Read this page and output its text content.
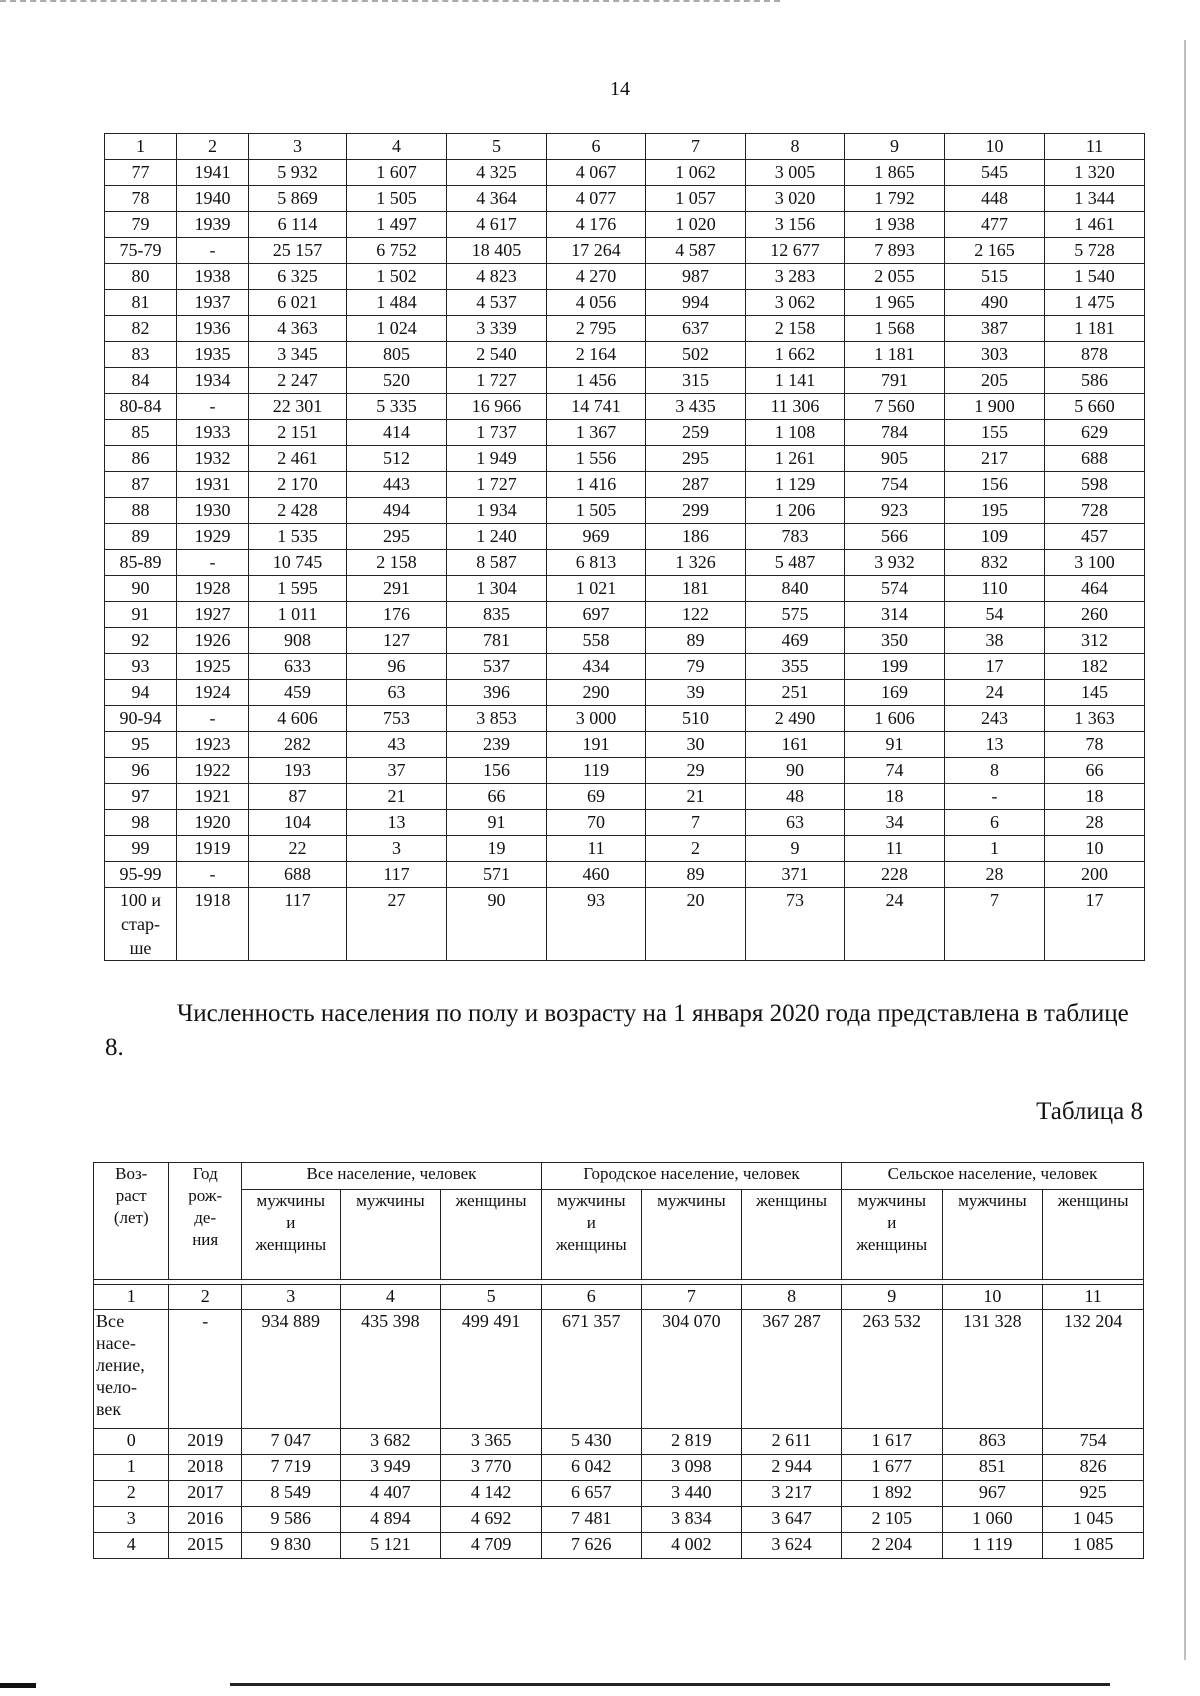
14
1	2	3	4	5	6	7	8	9	10	11
77	1941	5 932	1 607	4 325	4 067	1 062	3 005	1 865	545	1 320
78	1940	5 869	1 505	4 364	4 077	1 057	3 020	1 792	448	1 344
79	1939	6 114	1 497	4 617	4 176	1 020	3 156	1 938	477	1 461
75-79	-	25 157	6 752	18 405	17 264	4 587	12 677	7 893	2 165	5 728
80	1938	6 325	1 502	4 823	4 270	987	3 283	2 055	515	1 540
81	1937	6 021	1 484	4 537	4 056	994	3 062	1 965	490	1 475
82	1936	4 363	1 024	3 339	2 795	637	2 158	1 568	387	1 181
83	1935	3 345	805	2 540	2 164	502	1 662	1 181	303	878
84	1934	2 247	520	1 727	1 456	315	1 141	791	205	586
80-84	-	22 301	5 335	16 966	14 741	3 435	11 306	7 560	1 900	5 660
85	1933	2 151	414	1 737	1 367	259	1 108	784	155	629
86	1932	2 461	512	1 949	1 556	295	1 261	905	217	688
87	1931	2 170	443	1 727	1 416	287	1 129	754	156	598
88	1930	2 428	494	1 934	1 505	299	1 206	923	195	728
89	1929	1 535	295	1 240	969	186	783	566	109	457
85-89	-	10 745	2 158	8 587	6 813	1 326	5 487	3 932	832	3 100
90	1928	1 595	291	1 304	1 021	181	840	574	110	464
91	1927	1 011	176	835	697	122	575	314	54	260
92	1926	908	127	781	558	89	469	350	38	312
93	1925	633	96	537	434	79	355	199	17	182
94	1924	459	63	396	290	39	251	169	24	145
90-94	-	4 606	753	3 853	3 000	510	2 490	1 606	243	1 363
95	1923	282	43	239	191	30	161	91	13	78
96	1922	193	37	156	119	29	90	74	8	66
97	1921	87	21	66	69	21	48	18	-	18
98	1920	104	13	91	70	7	63	34	6	28
99	1919	22	3	19	11	2	9	11	1	10
95-99	-	688	117	571	460	89	371	228	28	200
100 и
стар-
ше	1918	117	27	90	93	20	73	24	7	17
Численность населения по полу и возрасту на 1 января 2020 года представлена в таблице 8.
Таблица 8
Воз-
раст
(лет)	Год
рож-
де-
ния	Все население, человек			Городское население, человек			Сельское население, человек		
		мужчины
и
женщины	мужчины	женщины	мужчины
и
женщины	мужчины	женщины	мужчины
и
женщины	мужчины	женщины

1	2	3	4	5	6	7	8	9	10	11
Все
насе-
ление,
чело-
век	-	934 889	435 398	499 491	671 357	304 070	367 287	263 532	131 328	132 204
0	2019	7 047	3 682	3 365	5 430	2 819	2 611	1 617	863	754
1	2018	7 719	3 949	3 770	6 042	3 098	2 944	1 677	851	826
2	2017	8 549	4 407	4 142	6 657	3 440	3 217	1 892	967	925
3	2016	9 586	4 894	4 692	7 481	3 834	3 647	2 105	1 060	1 045
4	2015	9 830	5 121	4 709	7 626	4 002	3 624	2 204	1 119	1 085
